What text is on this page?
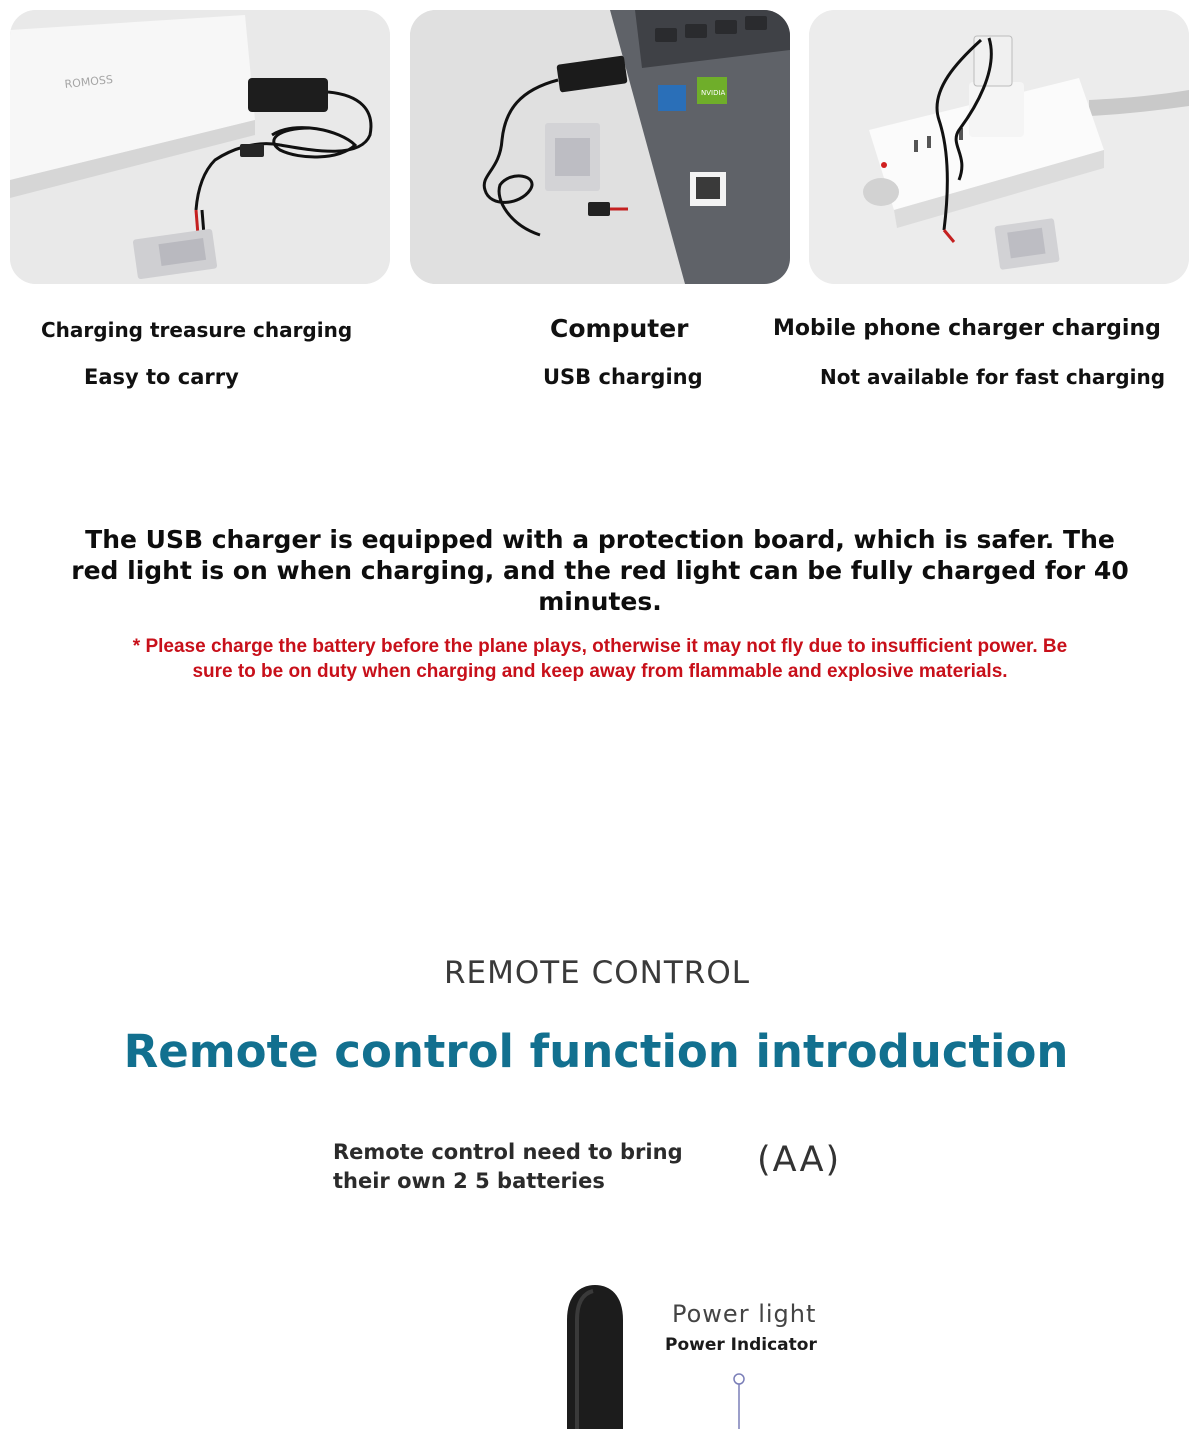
ROMOSS
NVIDIA
Charging treasure charging
Easy to carry
Computer
USB charging
Mobile phone charger charging
Not available for fast charging
The USB charger is equipped with a protection board, which is safer. The red light is on when charging, and the red light can be fully charged for 40 minutes.
* Please charge the battery before the plane plays, otherwise it may not fly due to insufficient power. Be sure to be on duty when charging and keep away from flammable and explosive materials.
REMOTE CONTROL
Remote control function introduction
Remote control need to bring their own 2 5 batteries
(AA)
Power light
Power Indicator
